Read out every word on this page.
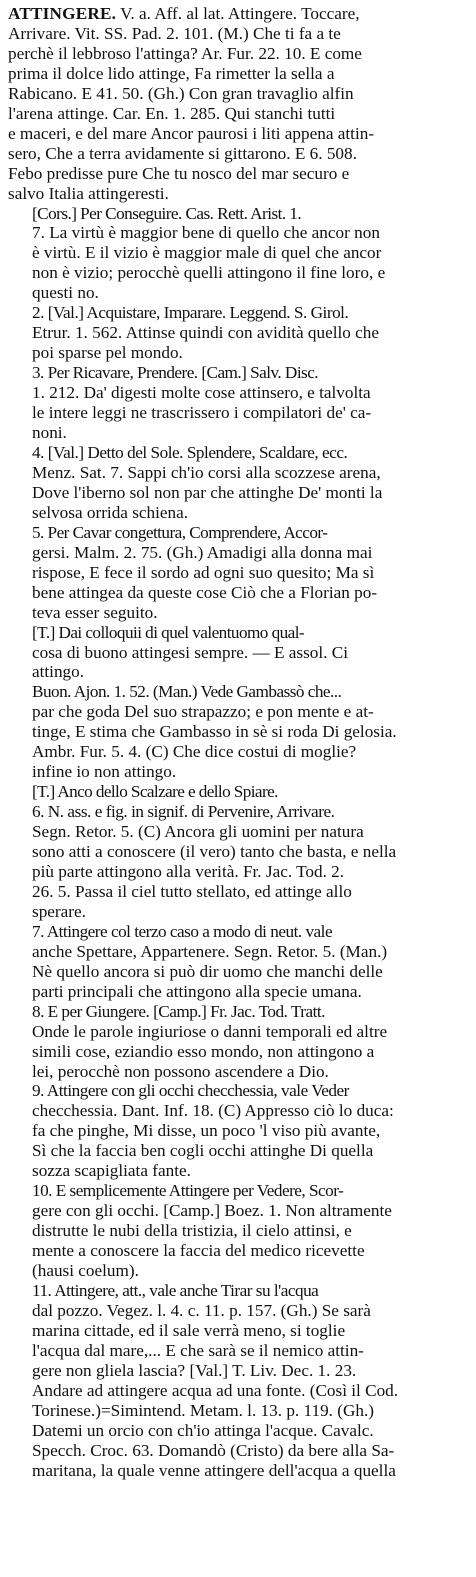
ATTINGERE. V. a. Aff. al lat. Attingere. Toccare,
Arrivare. Vit. SS. Pad. 2. 101. (M.) Che ti fa a te
perchè il lebbroso l'attinga? Ar. Fur. 22. 10. E come
prima il dolce lido attinge, Fa rimetter la sella a
Rabicano. E 41. 50. (Gh.) Con gran travaglio alfin
l'arena attinge. Car. En. 1. 285. Qui stanchi tutti
e maceri, e del mare Ancor paurosi i liti appena attin-
sero, Che a terra avidamente si gittarono. E 6. 508.
Febo predisse pure Che tu nosco del mar securo e
salvo Italia attingeresti.
[Cors.] Per Conseguire. Cas. Rett. Arist. 1.
7. La virtù è maggior bene di quello che ancor non
è virtù. E il vizio è maggior male di quel che ancor
non è vizio; perocchè quelli attingono il fine loro, e
questi no.
2. [Val.] Acquistare, Imparare. Leggend. S. Girol.
Etrur. 1. 562. Attinse quindi con avidità quello che
poi sparse pel mondo.
3. Per Ricavare, Prendere. [Cam.] Salv. Disc.
1. 212. Da' digesti molte cose attinsero, e talvolta
le intere leggi ne trascrissero i compilatori de' ca-
noni.
4. [Val.] Detto del Sole. Splendere, Scaldare, ecc.
Menz. Sat. 7. Sappi ch'io corsi alla scozzese arena,
Dove l'iberno sol non par che attinghe De' monti la
selvosa orrida schiena.
5. Per Cavar congettura, Comprendere, Accor-
gersi. Malm. 2. 75. (Gh.) Amadigi alla donna mai
rispose, E fece il sordo ad ogni suo quesito; Ma sì
bene attingea da queste cose Ciò che a Florian po-
teva esser seguito.
[T.] Dai colloquii di quel valentuomo qual-
cosa di buono attingesi sempre. — E assol. Ci
attingo.
Buon. Ajon. 1. 52. (Man.) Vede Gambassò che...
par che goda Del suo strapazzo; e pon mente e at-
tinge, E stima che Gambasso in sè si roda Di gelosia.
Ambr. Fur. 5. 4. (C) Che dice costui di moglie?
infine io non attingo.
[T.] Anco dello Scalzare e dello Spiare.
6. N. ass. e fig. in signif. di Pervenire, Arrivare.
Segn. Retor. 5. (C) Ancora gli uomini per natura
sono atti a conoscere (il vero) tanto che basta, e nella
più parte attingono alla verità. Fr. Jac. Tod. 2.
26. 5. Passa il ciel tutto stellato, ed attinge allo
sperare.
7. Attingere col terzo caso a modo di neut. vale
anche Spettare, Appartenere. Segn. Retor. 5. (Man.)
Nè quello ancora si può dir uomo che manchi delle
parti principali che attingono alla specie umana.
8. E per Giungere. [Camp.] Fr. Jac. Tod. Tratt.
Onde le parole ingiuriose o danni temporali ed altre
simili cose, eziandio esso mondo, non attingono a
lei, perocchè non possono ascendere a Dio.
9. Attingere con gli occhi checchessia, vale Veder
checchessia. Dant. Inf. 18. (C) Appresso ciò lo duca:
fa che pinghe, Mi disse, un poco 'l viso più avante,
Sì che la faccia ben cogli occhi attinghe Di quella
sozza scapigliata fante.
10. E semplicemente Attingere per Vedere, Scor-
gere con gli occhi. [Camp.] Boez. 1. Non altramente
distrutte le nubi della tristizia, il cielo attinsi, e
mente a conoscere la faccia del medico ricevette
(hausi coelum).
11. Attingere, att., vale anche Tirar su l'acqua
dal pozzo. Vegez. l. 4. c. 11. p. 157. (Gh.) Se sarà
marina cittade, ed il sale verrà meno, si toglie
l'acqua dal mare,... E che sarà se il nemico attin-
gere non gliela lascia? [Val.] T. Liv. Dec. 1. 23.
Andare ad attingere acqua ad una fonte. (Così il Cod.
Torinese.)=Simintend. Metam. l. 13. p. 119. (Gh.)
Datemi un orcio con ch'io attinga l'acque. Cavalc.
Specch. Croc. 63. Domandò (Cristo) da bere alla Sa-
maritana, la quale venne attingere dell'acqua a quella
